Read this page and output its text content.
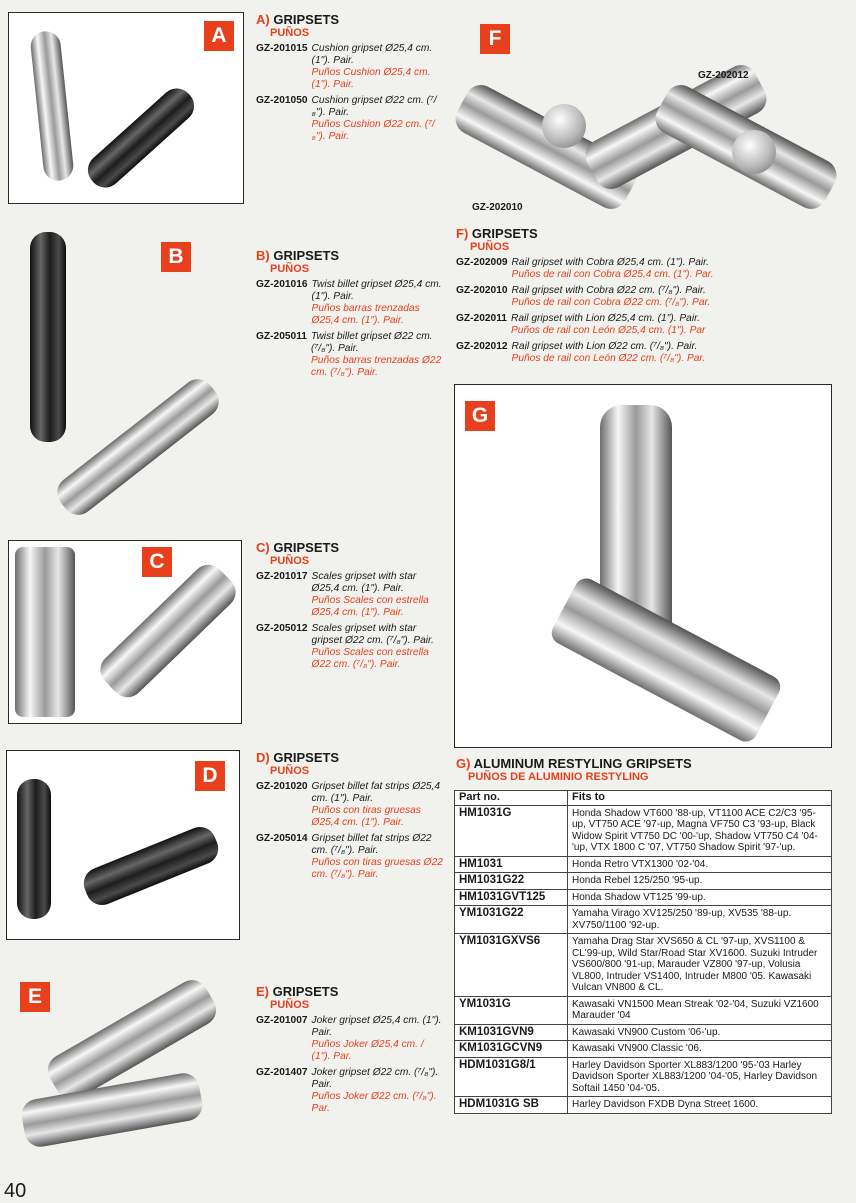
A
B
C
D
E
A) GRIPSETS
PUÑOS
GZ-201015 Cushion gripset Ø25,4 cm. (1"). Pair.
Puños Cushion Ø25,4 cm. (1"). Pair.
GZ-201050 Cushion gripset Ø22 cm. (⁷/₈"). Pair.
Puños Cushion Ø22 cm. (⁷/₈"). Pair.
B) GRIPSETS
PUÑOS
GZ-201016 Twist billet gripset Ø25,4 cm. (1"). Pair.
Puños barras trenzadas Ø25,4 cm. (1"). Pair.
GZ-205011 Twist billet gripset Ø22 cm. (⁷/₈"). Pair.
Puños barras trenzadas Ø22 cm. (⁷/₈"). Pair.
C) GRIPSETS
PUÑOS
GZ-201017 Scales gripset with star Ø25,4 cm. (1"). Pair.
Puños Scales con estrella Ø25,4 cm. (1"). Pair.
GZ-205012 Scales gripset with star gripset Ø22 cm. (⁷/₈"). Pair.
Puños Scales con estrella Ø22 cm. (⁷/₈"). Pair.
D) GRIPSETS
PUÑOS
GZ-201020 Gripset billet fat strips Ø25,4 cm. (1"). Pair.
Puños con tiras gruesas Ø25,4 cm. (1"). Pair.
GZ-205014 Gripset billet fat strips Ø22 cm. (⁷/₈"). Pair.
Puños con tiras gruesas Ø22 cm. (⁷/₈"). Pair.
E) GRIPSETS
PUÑOS
GZ-201007 Joker gripset Ø25,4 cm. (1"). Pair.
Puños Joker Ø25,4 cm. / (1"). Par.
GZ-201407 Joker gripset Ø22 cm. (⁷/₈"). Pair.
Puños Joker Ø22 cm. (⁷/₈"). Par.
F
GZ-202010
GZ-202012
F) GRIPSETS
PUÑOS
GZ-202009 Rail gripset with Cobra Ø25,4 cm. (1"). Pair.
Puños de rail con Cobra Ø25,4 cm. (1"). Par.
GZ-202010 Rail gripset with Cobra Ø22 cm. (⁷/₈"). Pair.
Puños de rail con Cobra Ø22 cm. (⁷/₈"). Par.
GZ-202011 Rail gripset with Lion Ø25,4 cm. (1"). Pair.
Puños de rail con León Ø25,4 cm. (1"). Par
GZ-202012 Rail gripset with Lion Ø22 cm. (⁷/₈"). Pair.
Puños de rail con León Ø22 cm. (⁷/₈"). Par.
G
G) ALUMINUM RESTYLING GRIPSETS
PUÑOS DE ALUMINIO RESTYLING
Part no.	Fits to
HM1031G	Honda Shadow VT600 '88-up, VT1100 ACE C2/C3 '95-up, VT750 ACE '97-up, Magna VF750 C3 '93-up, Black Widow Spirit VT750 DC '00-'up, Shadow VT750 C4 '04-'up, VTX 1800 C '07, VT750 Shadow Spirit '97-'up.
HM1031	Honda Retro VTX1300 '02-'04.
HM1031G22	Honda Rebel 125/250 '95-up.
HM1031GVT125	Honda Shadow VT125 '99-up.
YM1031G22	Yamaha Virago XV125/250 '89-up, XV535 '88-up. XV750/1100 '92-up.
YM1031GXVS6	Yamaha Drag Star XVS650 & CL '97-up, XVS1100 & CL'99-up, Wild Star/Road Star XV1600. Suzuki Intruder VS600/800 '91-up, Marauder VZ800 '97-up, Volusia VL800, Intruder VS1400, Intruder M800 '05. Kawasaki Vulcan VN800 & CL.
YM1031G	Kawasaki VN1500 Mean Streak '02-'04, Suzuki VZ1600 Marauder '04
KM1031GVN9	Kawasaki VN900 Custom '06-'up.
KM1031GCVN9	Kawasaki VN900 Classic '06.
HDM1031G8/1	Harley Davidson Sporter XL883/1200 '95-'03 Harley Davidson Sporter XL883/1200 '04-'05, Harley Davidson Softail 1450 '04-'05.
HDM1031G SB	Harley Davidson FXDB Dyna Street 1600.
40
